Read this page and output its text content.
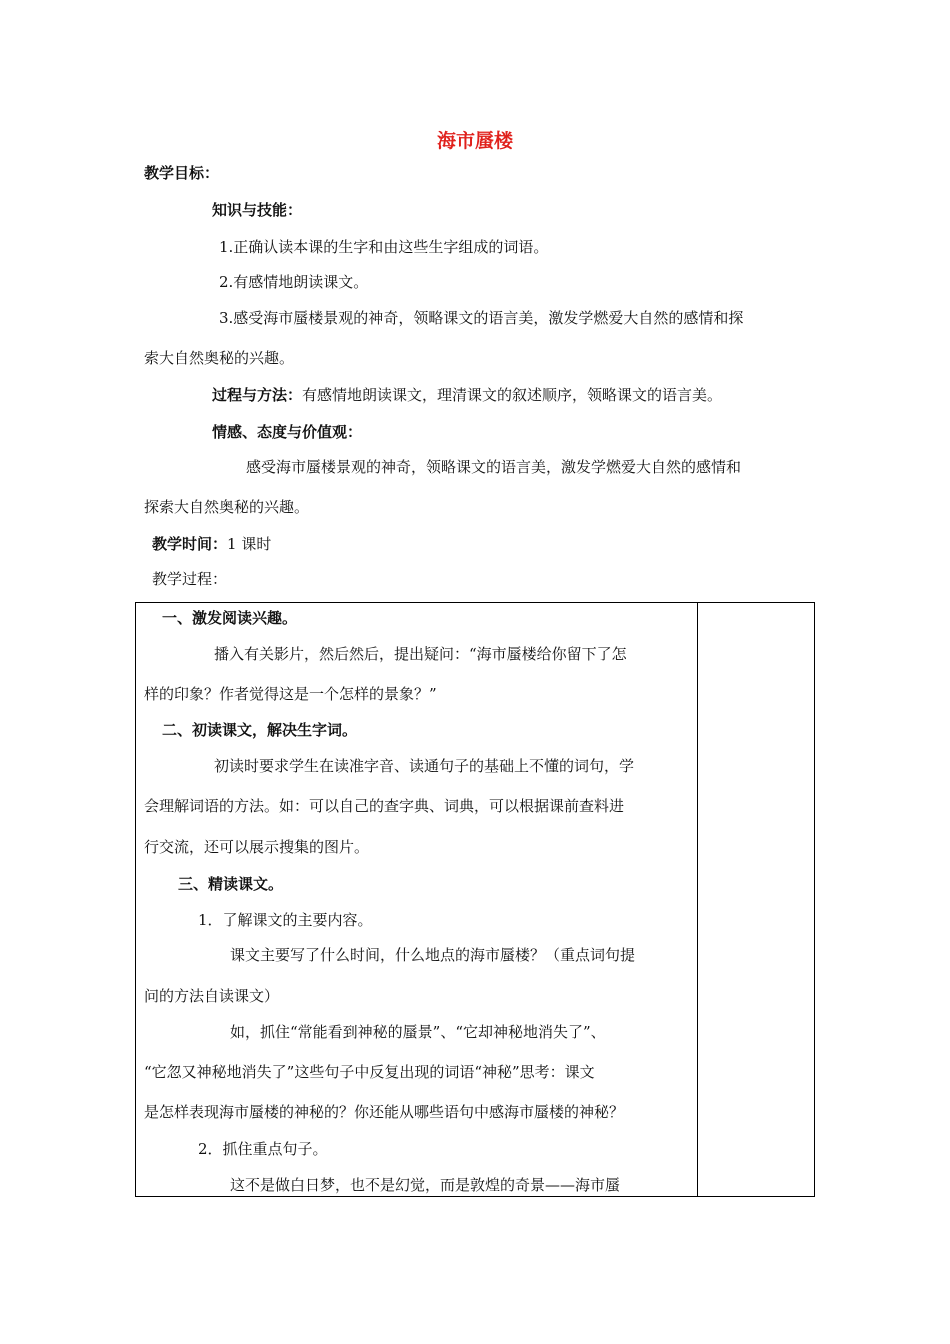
海市蜃楼
教学目标：
知识与技能：
1.正确认读本课的生字和由这些生字组成的词语。
2.有感情地朗读课文。
3.感受海市蜃楼景观的神奇，领略课文的语言美，激发学燃爱大自然的感情和探
索大自然奥秘的兴趣。
过程与方法：有感情地朗读课文，理清课文的叙述顺序，领略课文的语言美。
情感、态度与价值观：
感受海市蜃楼景观的神奇，领略课文的语言美，激发学燃爱大自然的感情和
探索大自然奥秘的兴趣。
教学时间：1 课时
教学过程：
一、激发阅读兴趣。
播入有关影片，然后然后，提出疑问：“海市蜃楼给你留下了怎
样的印象？作者觉得这是一个怎样的景象？”
二、初读课文，解决生字词。
初读时要求学生在读准字音、读通句子的基础上不懂的词句，学
会理解词语的方法。如：可以自己的查字典、词典，可以根据课前查料进
行交流，还可以展示搜集的图片。
三、精读课文。
1．了解课文的主要内容。
课文主要写了什么时间，什么地点的海市蜃楼？（重点词句提
问的方法自读课文）
如，抓住“常能看到神秘的蜃景”、“它却神秘地消失了”、
“它忽又神秘地消失了”这些句子中反复出现的词语“神秘”思考：课文
是怎样表现海市蜃楼的神秘的？你还能从哪些语句中感海市蜃楼的神秘？
2．抓住重点句子。
这不是做白日梦，也不是幻觉，而是敦煌的奇景——海市蜃
